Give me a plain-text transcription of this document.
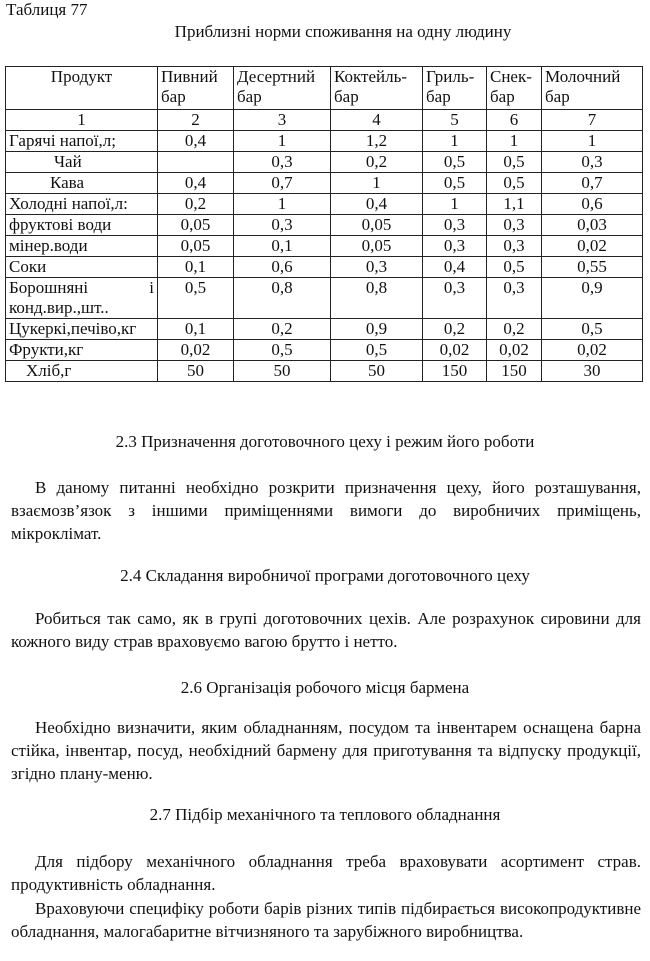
Таблиця 77
Приблизні норми споживання на одну людину
Продукт	Пивний бар	Десертний бар	Коктейль-бар	Гриль-бар	Снек-бар	Молочний бар
1	2	3	4	5	6	7
Гарячі напої,л;	0,4	1	1,2	1	1	1
Чай		0,3	0,2	0,5	0,5	0,3
Кава	0,4	0,7	1	0,5	0,5	0,7
Холодні напої,л:	0,2	1	0,4	1	1,1	0,6
фруктові води	0,05	0,3	0,05	0,3	0,3	0,03
мінер.води	0,05	0,1	0,05	0,3	0,3	0,02
Соки	0,1	0,6	0,3	0,4	0,5	0,55

Борошняні і
конд.вир.,шт..	0,5	0,8	0,8	0,3	0,3	0,9
Цукеркі,печіво,кг	0,1	0,2	0,9	0,2	0,2	0,5
Фрукти,кг	0,02	0,5	0,5	0,02	0,02	0,02
Хліб,г	50	50	50	150	150	30
2.3 Призначення доготовочного цеху і режим його роботи
В даному питанні необхідно розкрити призначення цеху, його розташування, взаємозв’язок з іншими приміщеннями вимоги до виробничих приміщень, мікроклімат.
2.4 Складання виробничої програми доготовочного цеху
Робиться так само, як в групі доготовочних цехів. Але розрахунок сировини для кожного виду страв враховуємо вагою брутто і нетто.
2.6 Організація робочого місця бармена
Необхідно визначити, яким обладнанням, посудом та інвентарем оснащена барна стійка, інвентар, посуд, необхідний бармену для приготування та відпуску продукції, згідно плану-меню.
2.7 Підбір механічного та теплового обладнання
Для підбору механічного обладнання треба враховувати асортимент страв. продуктивність обладнання.
Враховуючи специфіку роботи барів різних типів підбирається високопродуктивне обладнання, малогабаритне вітчизняного та зарубіжного виробництва.
